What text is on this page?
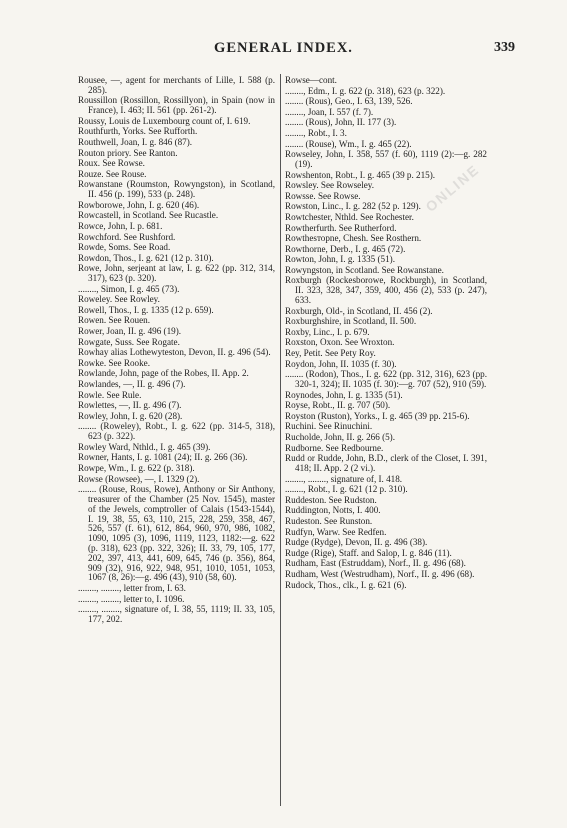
GENERAL INDEX.	339
ONLINE
Rousee, —, agent for merchants of Lille, I. 588 (p. 285).
Roussillon (Rossillon, Rossillyon), in Spain (now in France), I. 463; II. 561 (pp. 261-2).
Roussy, Louis de Luxembourg count of, I. 619.
Routhfurth, Yorks. See Rufforth.
Routhwell, Joan, I. g. 846 (87).
Routon priory. See Ranton.
Roux. See Rowse.
Rouze. See Rouse.
Rowanstane (Roumston, Rowyngston), in Scotland, II. 456 (p. 199), 533 (p. 248).
Rowborowe, John, I. g. 620 (46).
Rowcastell, in Scotland. See Rucastle.
Rowce, John, I. p. 681.
Rowchford. See Rushford.
Rowde, Soms. See Road.
Rowdon, Thos., I. g. 621 (12 p. 310).
Rowe, John, serjeant at law, I. g. 622 (pp. 312, 314, 317), 623 (p. 320).
........, Simon, I. g. 465 (73).
Roweley. See Rowley.
Rowell, Thos., I. g. 1335 (12 p. 659).
Rowen. See Rouen.
Rower, Joan, II. g. 496 (19).
Rowgate, Suss. See Rogate.
Rowhay alias Lothewyteston, Devon, II. g. 496 (54).
Rowke. See Rooke.
Rowlande, John, page of the Robes, II. App. 2.
Rowlandes, —, II. g. 496 (7).
Rowle. See Rule.
Rowlettes, —, II. g. 496 (7).
Rowley, John, I. g. 620 (28).
........ (Roweley), Robt., I. g. 622 (pp. 314-5, 318), 623 (p. 322).
Rowley Ward, Nthld., I. g. 465 (39).
Rowner, Hants, I. g. 1081 (24); II. g. 266 (36).
Rowpe, Wm., I. g. 622 (p. 318).
Rowse (Rowsee), —, I. 1329 (2).
........ (Rouse, Rous, Rowe), Anthony or Sir Anthony, treasurer of the Chamber (25 Nov. 1545), master of the Jewels, comptroller of Calais (1543-1544), I. 19, 38, 55, 63, 110, 215, 228, 259, 358, 467, 526, 557 (f. 61), 612, 864, 960, 970, 986, 1082, 1090, 1095 (3), 1096, 1119, 1123, 1182:—g. 622 (p. 318), 623 (pp. 322, 326); II. 33, 79, 105, 177, 202, 397, 413, 441, 609, 645, 746 (p. 356), 864, 909 (32), 916, 922, 948, 951, 1010, 1051, 1053, 1067 (8, 26):—g. 496 (43), 910 (58, 60).
........, ........, letter from, I. 63.
........, ........, letter to, I. 1096.
........, ........, signature of, I. 38, 55, 1119; II. 33, 105, 177, 202.
Rowse—cont.
........, Edm., I. g. 622 (p. 318), 623 (p. 322).
........ (Rous), Geo., I. 63, 139, 526.
........, Joan, I. 557 (f. 7).
........ (Rous), John, II. 177 (3).
........, Robt., I. 3.
........ (Rouse), Wm., I. g. 465 (22).
Rowseley, John, I. 358, 557 (f. 60), 1119 (2):—g. 282 (19).
Rowshenton, Robt., I. g. 465 (39 p. 215).
Rowsley. See Rowseley.
Rowsse. See Rowse.
Rowston, Linc., I. g. 282 (52 p. 129).
Rowtchester, Nthld. See Rochester.
Rowtherfurth. See Rutherford.
Rowthesторne, Chesh. See Rosthern.
Rowthorne, Derb., I. g. 465 (72).
Rowton, John, I. g. 1335 (51).
Rowyngston, in Scotland. See Rowanstane.
Roxburgh (Rockesborowe, Rockburgh), in Scotland, II. 323, 328, 347, 359, 400, 456 (2), 533 (p. 247), 633.
Roxburgh, Old-, in Scotland, II. 456 (2).
Roxburghshire, in Scotland, II. 500.
Roxby, Linc., I. p. 679.
Roxston, Oxon. See Wroxton.
Rey, Petit. See Pety Roy.
Roydon, John, II. 1035 (f. 30).
........ (Rodon), Thos., I. g. 622 (pp. 312, 316), 623 (pp. 320-1, 324); II. 1035 (f. 30):—g. 707 (52), 910 (59).
Roynodes, John, I. g. 1335 (51).
Royse, Robt., II. g. 707 (50).
Royston (Ruston), Yorks., I. g. 465 (39 pp. 215-6).
Ruchini. See Rinuchini.
Rucholde, John, II. g. 266 (5).
Rudborne. See Redbourne.
Rudd or Rudde, John, B.D., clerk of the Closet, I. 391, 418; II. App. 2 (2 vi.).
........, ........, signature of, I. 418.
........, Robt., I. g. 621 (12 p. 310).
Ruddeston. See Rudston.
Ruddington, Notts, I. 400.
Rudeston. See Runston.
Rudfyn, Warw. See Redfen.
Rudge (Rydge), Devon, II. g. 496 (38).
Rudge (Rige), Staff. and Salop, I. g. 846 (11).
Rudham, East (Estruddam), Norf., II. g. 496 (68).
Rudham, West (Westrudham), Norf., II. g. 496 (68).
Rudock, Thos., clk., I. g. 621 (6).
